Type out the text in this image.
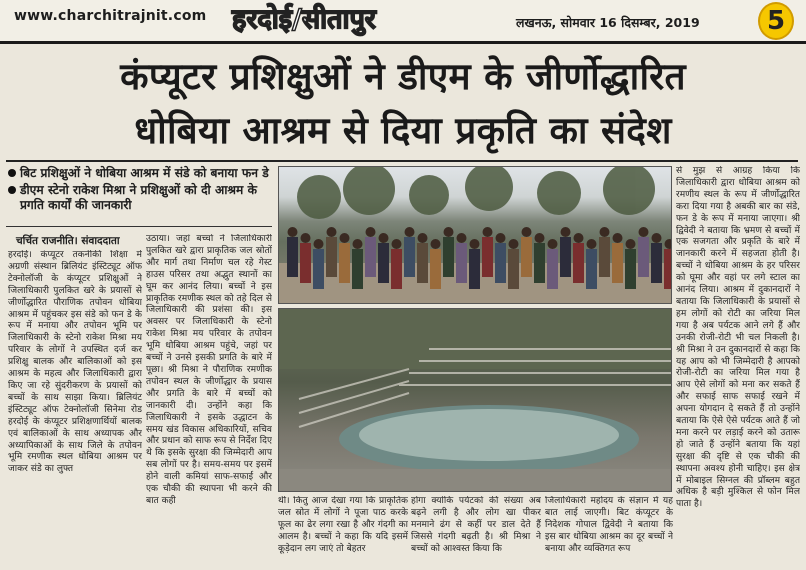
www.charchitrajnit.com हरदोई/सीतापुर	लखनऊ, सोमवार 16 दिसम्बर, 2019	5
कंप्यूटर प्रशिक्षुओं ने डीएम के जीर्णोद्धारित
धोबिया आश्रम से दिया प्रकृति का संदेश
बिट प्रशिक्षुओं ने धोबिया आश्रम में संडे को बनाया फन डे
डीएम स्टेनो राकेश मिश्रा ने प्रशिक्षुओं को दी आश्रम के प्रगति कार्यों की जानकारी
चर्चित राजनीति। संवाददाता
हरदोई। कंप्यूटर तकनीकी शिक्षा में अग्रणी संस्थान ब्रिलियंट इंस्टिट्यूट ऑफ टेक्नोलॉजी के कंप्यूटर प्रशिक्षुओं ने जिलाधिकारी पुलकित खरे के प्रयासों से जीर्णोद्धारित पौराणिक तपोवन धोबिया आश्रम में पहुंचकर इस संडे को फन डे के रूप में मनाया और तपोवन भूमि पर जिलाधिकारी के स्टेनो राकेश मिश्रा मय परिवार के लोगों ने उपस्थित दर्ज कर प्रशिक्षु बालक और बालिकाओं को इस आश्रम के महत्व और जिलाधिकारी द्वारा किए जा रहे सुंदरीकरण के प्रयासों को बच्चों के साथ साझा किया। ब्रिलियंट इंस्टिट्यूट ऑफ टेक्नोलॉजी सिनेमा रोड हरदोई के कंप्यूटर प्रशिक्षणार्थियों बालक एवं बालिकाओं के साथ अध्यापक और अध्यापिकाओं के साथ जिले के तपोवन भूमि रमणीक स्थल धोबिया आश्रम पर जाकर संडे का लुफ्त
उठाया। जहां बच्चों ने जिलाधिकारी पुलकित खरे द्वारा प्राकृतिक जल स्रोतों और मार्ग तथा निर्माण चल रहे गेस्ट हाउस परिसर तथा अद्भुत स्थानों का घूम कर आनंद लिया। बच्चों ने इस प्राकृतिक रमणीक स्थल को तहे दिल से जिलाधिकारी की प्रशंसा की। इस अवसर पर जिलाधिकारी के स्टेनो राकेश मिश्रा मय परिवार के तपोवन भूमि धोबिया आश्रम पहुंचे, जहां पर बच्चों ने उनसे इसकी प्रगति के बारे में पूछा। श्री मिश्रा ने पौराणिक रमणीक तपोवन स्थल के जीर्णोद्धार के प्रयास और प्रगति के बारे में बच्चों को जानकारी दी। उन्होंने कहा कि जिलाधिकारी ने इसके उद्धाटन के समय खंड विकास अधिकारियों, सचिव और प्रधान को साफ रूप से निर्देश दिए थे कि इसके सुरक्षा की जिम्मेदारी आप सब लोगों पर है। समय-समय पर इसमें होने वाली कमियां साफ-सफाई और एक चौकी की स्थापना भी करने की बात कही	थी। किंतु आज देखा गया कि प्राकृतिक जल स्रोत में लोगों ने पूजा पाठ करके फूल का ढेर लगा रखा है और गंदगी का आलम है। बच्चों ने कहा कि यदि इसमें कूड़ेदान लग जाएं तो बेहतर
होगा क्योंकि पर्यटकों की संख्या अब बढ़ने लगी है और लोग खा पीकर मनमाने ढंग से कहीं पर डाल देते हैं जिससे गंदगी बढ़ती है। श्री मिश्रा ने बच्चों को आश्वस्त किया कि
जिलाधिकारी महोदय के संज्ञान में यह बात लाई जाएगी। बिट कंप्यूटर के निदेशक गोपाल द्विवेदी ने बताया कि इस बार धोबिया आश्रम का दूर बच्चों ने बनाया और व्यक्तिगत रूप
से मुझ से आग्रह किया कि जिलाधिकारी द्वारा धोबिया आश्रम को रमणीय स्थल के रूप में जीर्णोद्धारित करा दिया गया है अबकी बार का संडे, फन डे के रूप में मनाया जाएगा। श्री द्विवेदी ने बताया कि भ्रमण से बच्चों में एक सजगता और प्रकृति के बारे में जानकारी करने में सहजता होती है। बच्चों ने धोबिया आश्रम के हर परिसर को घूमा और वहां पर लगे स्टाल का आनंद लिया। आश्रम में दुकानदारों ने बताया कि जिलाधिकारी के प्रयासों से हम लोगों को रोटी का जरिया मिल गया है अब पर्यटक आने लगे हैं और उनकी रोजी-रोटी भी चल निकली है। श्री मिश्रा ने उन दुकानदारों से कहा कि यह आप को भी जिम्मेदारी है आपको रोजी-रोटी का जरिया मिल गया है आप ऐसे लोगों को मना कर सकते हैं और सफाई साफ सफाई रखने में अपना योगदान दे सकते हैं तो उन्होंने बताया कि ऐसे ऐसे पर्यटक आते हैं जो मना करने पर लड़ाई करने को उतारू हो जाते हैं उन्होंने बताया कि यहां सुरक्षा की दृष्टि से एक चौकी की स्थापना अवश्य होनी चाहिए। इस क्षेत्र में मोबाइल सिग्नल की प्रॉब्लम बहुत अधिक है बड़ी मुश्किल से फोन मिल पाता है।
